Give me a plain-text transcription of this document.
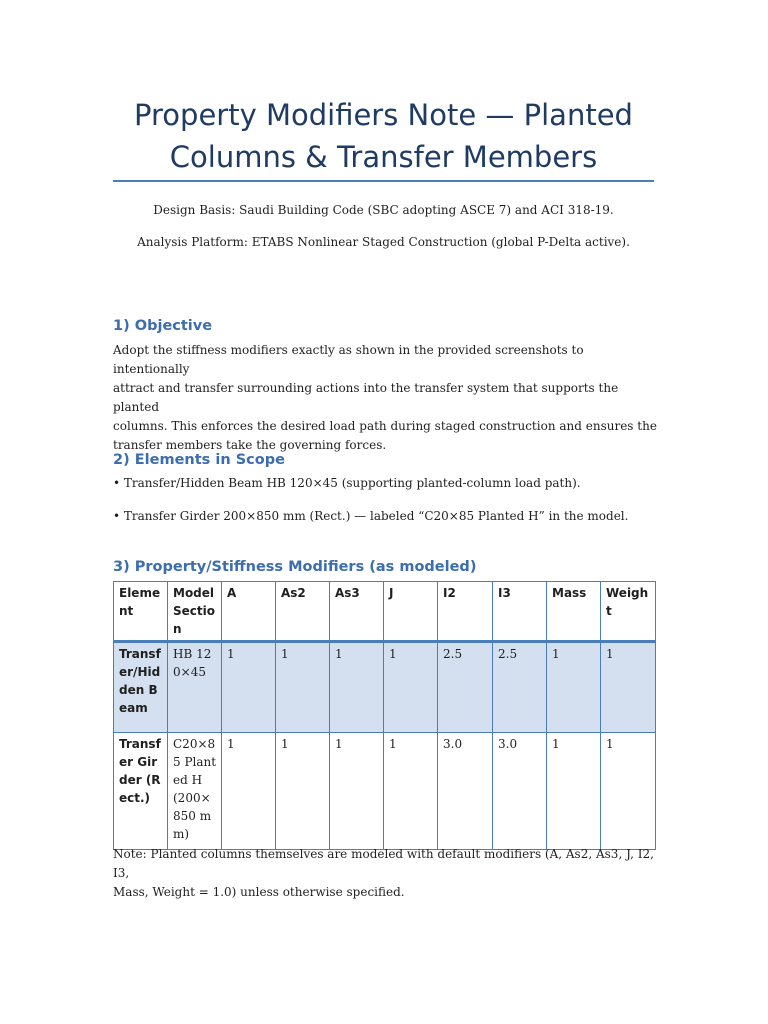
Property Modifiers Note — Planted
Columns & Transfer Members

Design Basis: Saudi Building Code (SBC adopting ASCE 7) and ACI 318-19.

Analysis Platform: ETABS Nonlinear Staged Construction (global P-Delta active).

1) Objective
Adopt the stiffness modifiers exactly as shown in the provided screenshots to intentionally
attract and transfer surrounding actions into the transfer system that supports the planted
columns. This enforces the desired load path during staged construction and ensures the
transfer members take the governing forces.
2) Elements in Scope

• Transfer/Hidden Beam HB 120×45 (supporting planted-column load path).

• Transfer Girder 200×850 mm (Rect.) — labeled “C20×85 Planted H” in the model.

3) Property/Stiffness Modifiers (as modeled)
Element	Model Section	A	As2	As3	J	I2	I3	Mass	Weight
Transfer/Hidden Beam	HB 120×45	1	1	1	1	2.5	2.5	1	1
Transfer Girder (Rect.)	C20×85 Planted H (200×850 mm)	1	1	1	1	3.0	3.0	1	1
Note: Planted columns themselves are modeled with default modifiers (A, As2, As3, J, I2, I3,
Mass, Weight = 1.0) unless otherwise specified.
